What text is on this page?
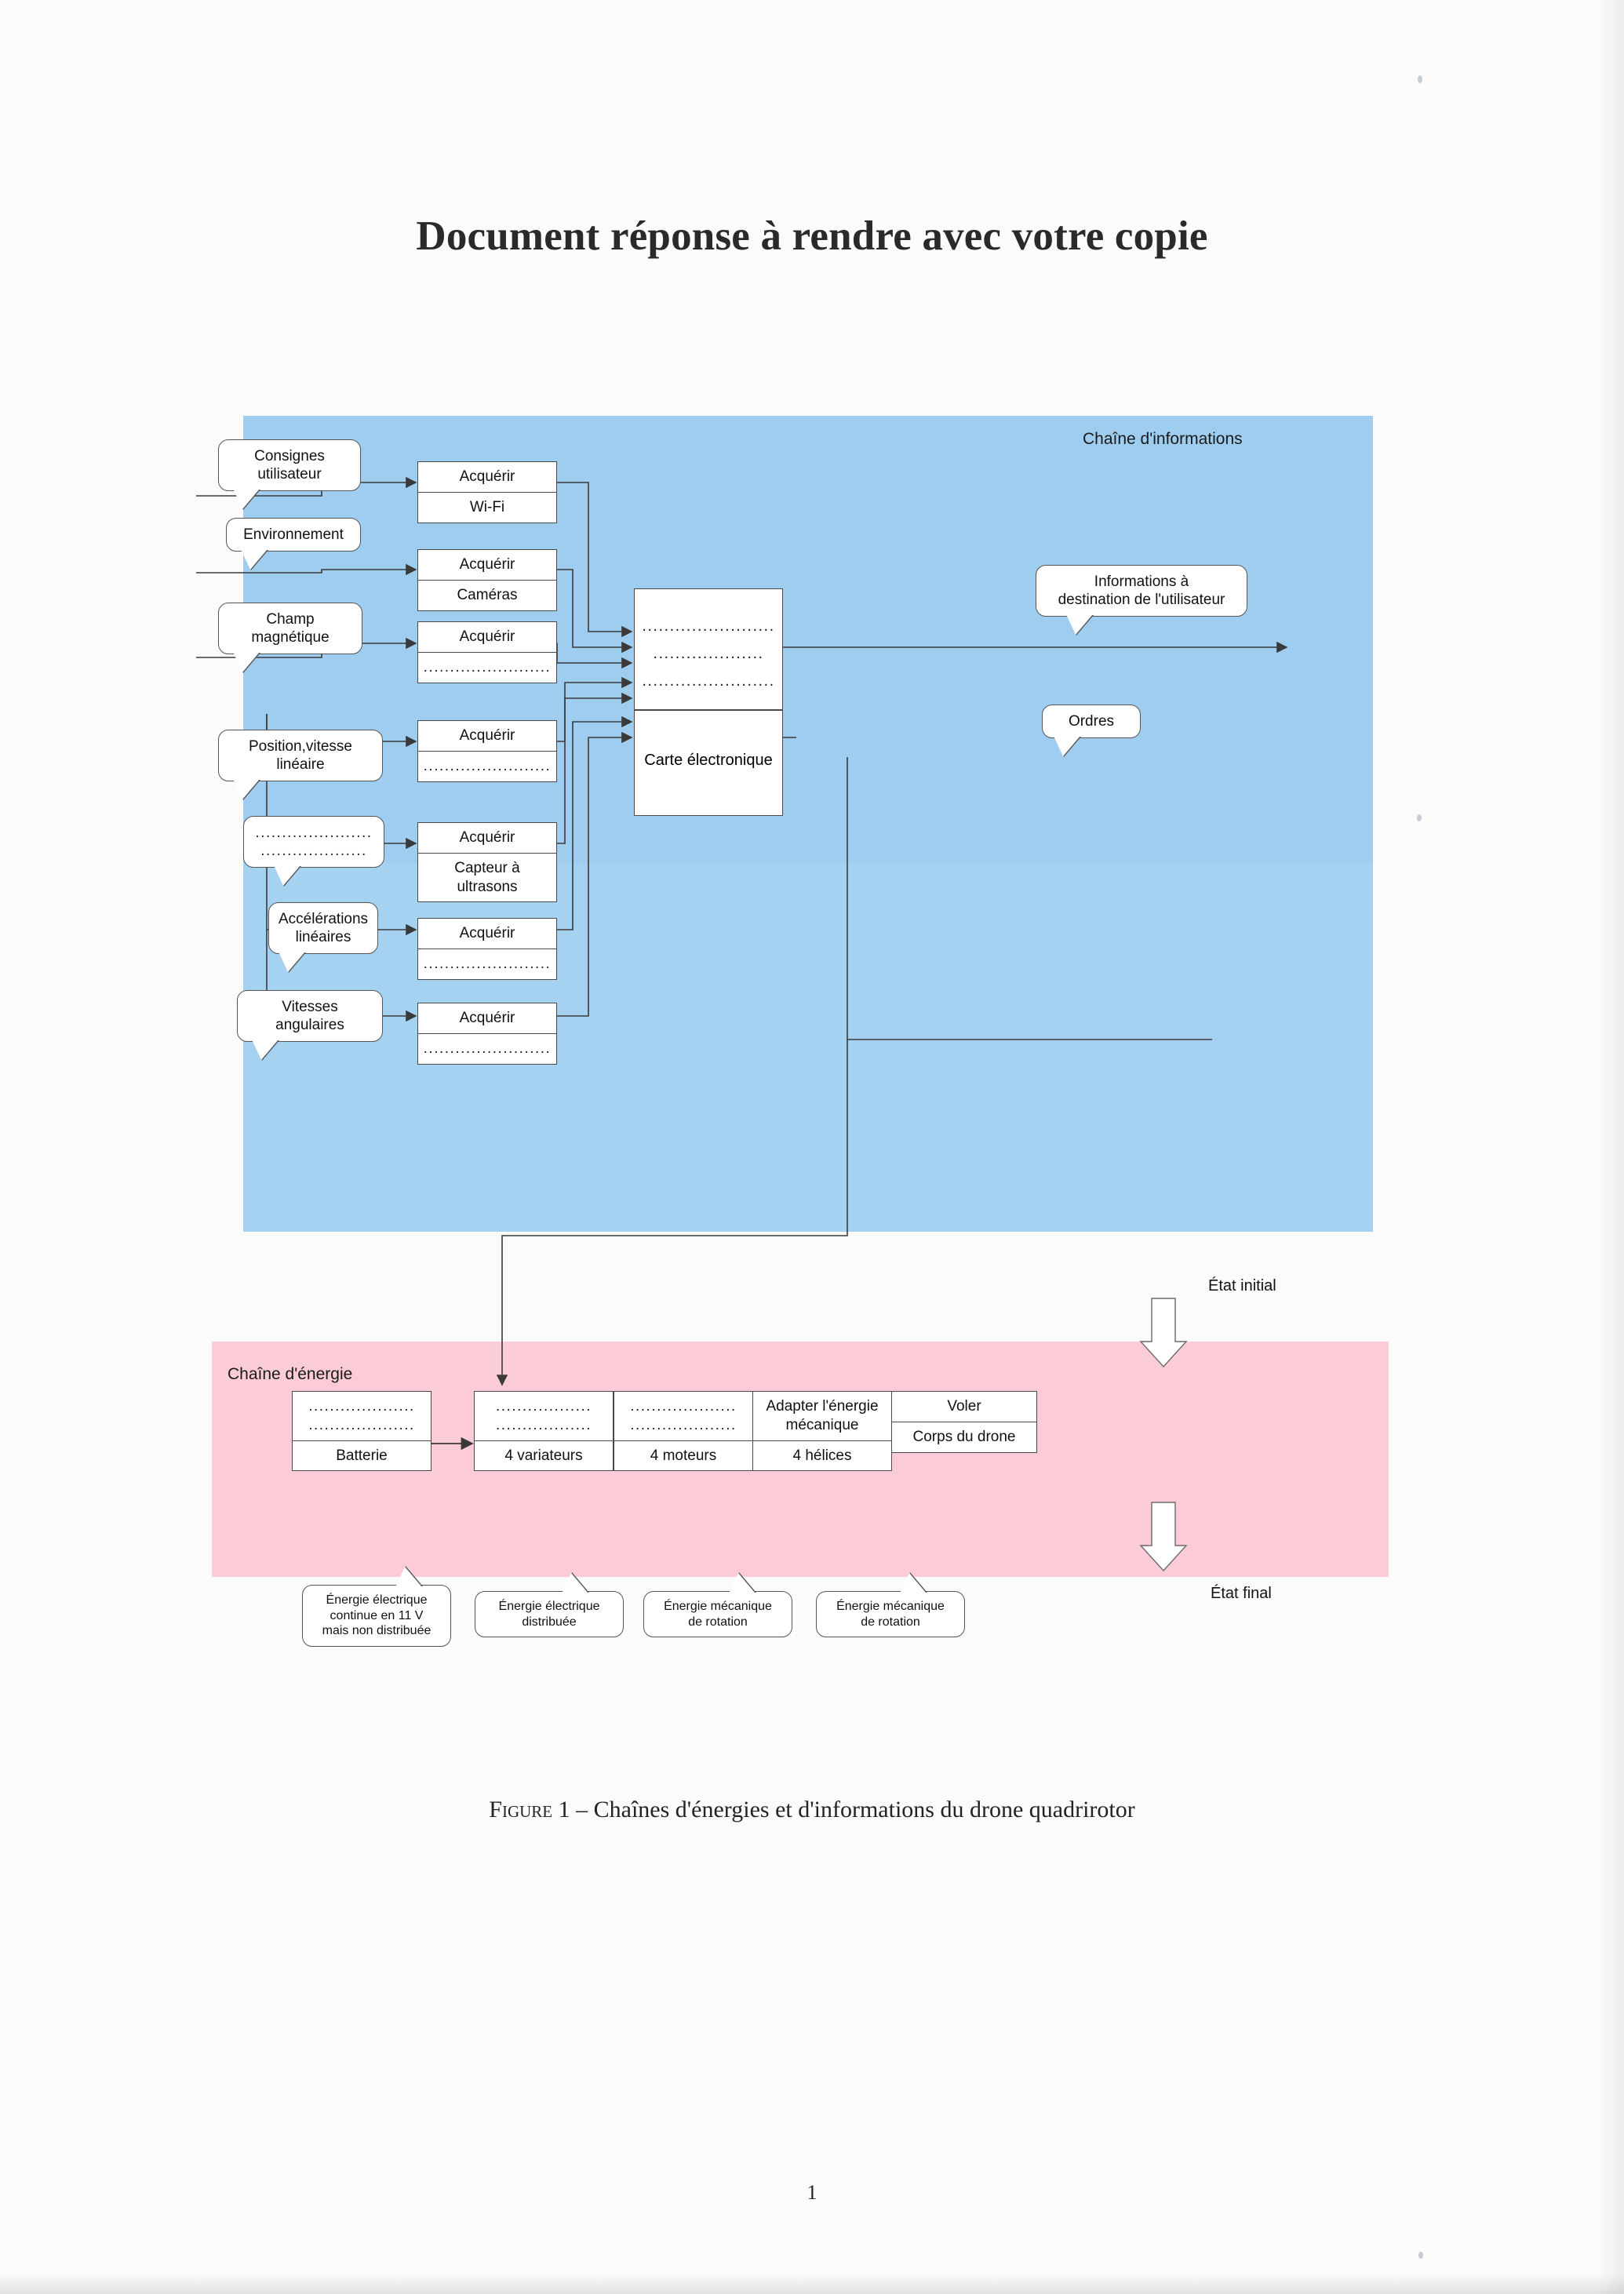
Document réponse à rendre avec votre copie
Chaîne d'informations
Chaîne d'énergie
Consignes utilisateur
Environnement
Champ magnétique
Position,vitesse linéaire
......................
....................
Accélérations
linéaires
Vitesses angulaires
Acquérir
Wi-Fi
Acquérir
Caméras
Acquérir
........................
Acquérir
........................
Acquérir
Capteur à
ultrasons
Acquérir
........................
Acquérir
........................
........................
....................
........................
Carte électronique
Informations à
destination de l'utilisateur
Ordres
....................
....................
Batterie
..................
..................
4 variateurs
....................
....................
4 moteurs
Adapter l'énergie
mécanique
4 hélices
Voler
Corps du drone
Énergie électrique
continue en 11 V
mais non distribuée
Énergie électrique
distribuée
Énergie mécanique
de rotation
Énergie mécanique
de rotation
État initial
État final
Figure 1 – Chaînes d'énergies et d'informations du drone quadrirotor
1
